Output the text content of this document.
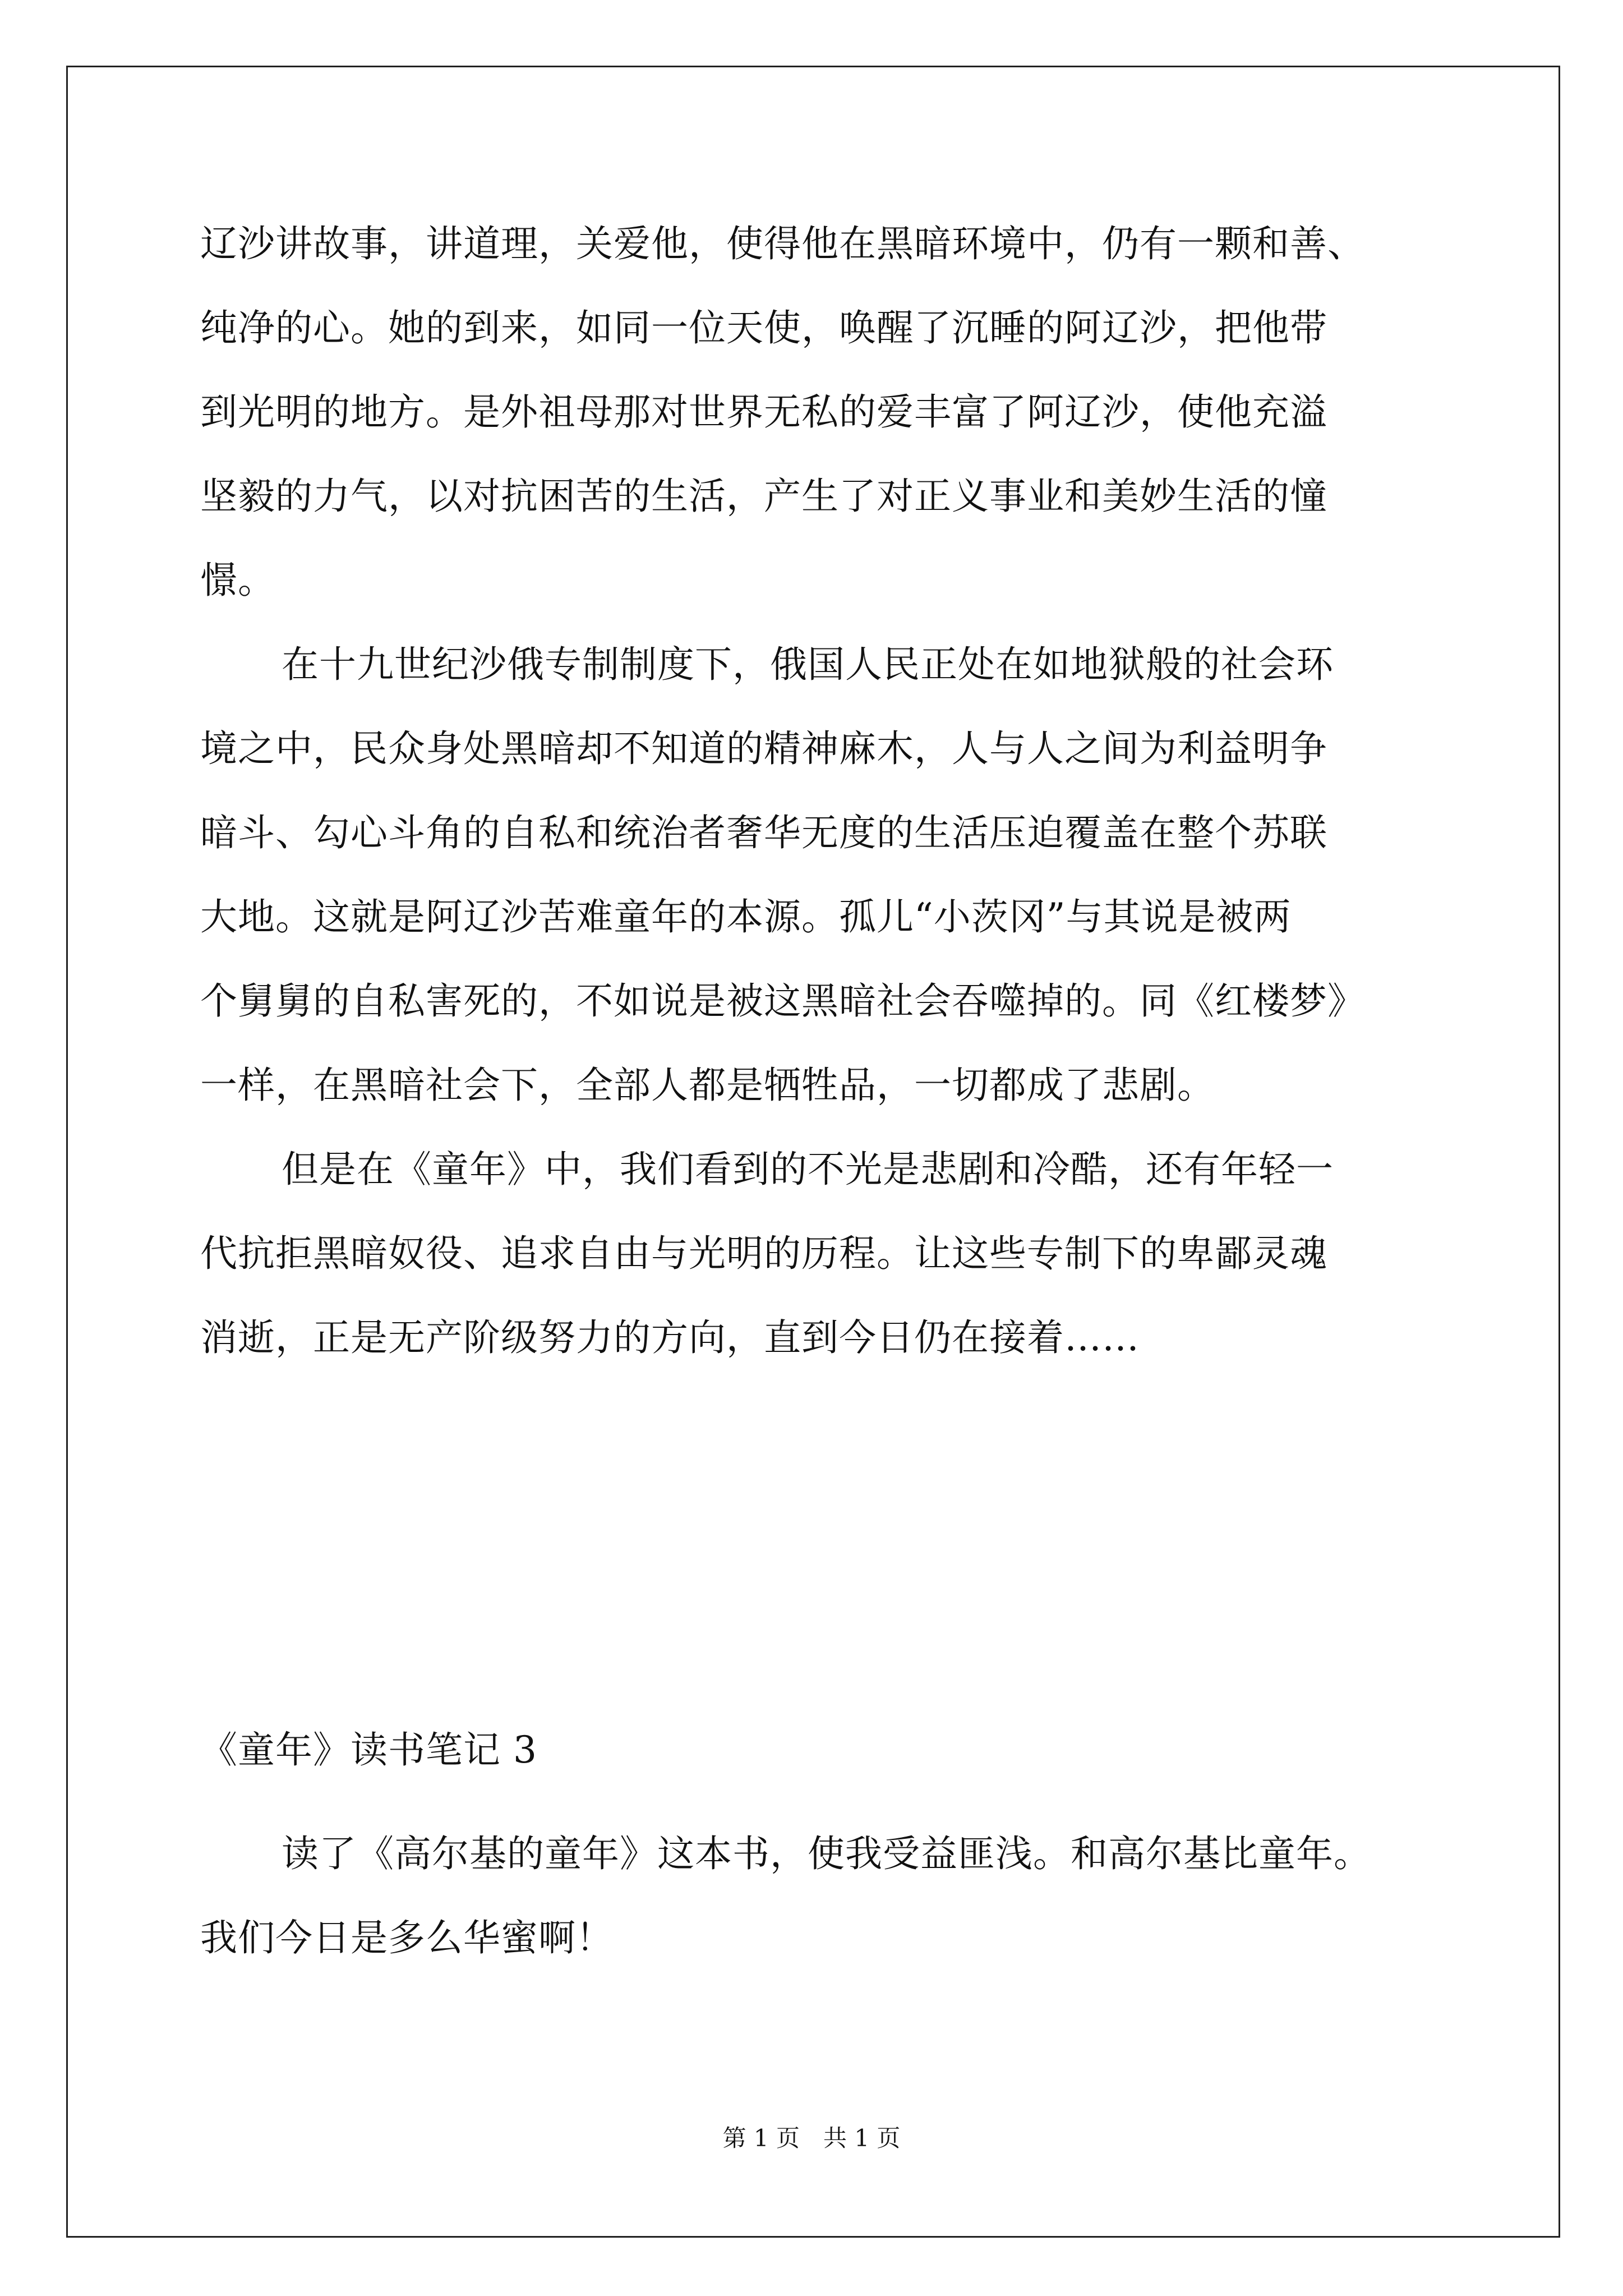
辽沙讲故事，讲道理，关爱他，使得他在黑暗环境中，仍有一颗和善、
纯净的心。她的到来，如同一位天使，唤醒了沉睡的阿辽沙，把他带
到光明的地方。是外祖母那对世界无私的爱丰富了阿辽沙，使他充溢
坚毅的力气，以对抗困苦的生活，产生了对正义事业和美妙生活的憧
憬。
在十九世纪沙俄专制制度下，俄国人民正处在如地狱般的社会环
境之中，民众身处黑暗却不知道的精神麻木，人与人之间为利益明争
暗斗、勾心斗角的自私和统治者奢华无度的生活压迫覆盖在整个苏联
大地。这就是阿辽沙苦难童年的本源。孤儿“小茨冈”与其说是被两
个舅舅的自私害死的，不如说是被这黑暗社会吞噬掉的。同《红楼梦》
一样，在黑暗社会下，全部人都是牺牲品，一切都成了悲剧。
但是在《童年》中，我们看到的不光是悲剧和冷酷，还有年轻一
代抗拒黑暗奴役、追求自由与光明的历程。让这些专制下的卑鄙灵魂
消逝，正是无产阶级努力的方向，直到今日仍在接着……
《童年》读书笔记 3
读了《高尔基的童年》这本书，使我受益匪浅。和高尔基比童年。
我们今日是多么华蜜啊！
第 1 页　共 1 页
